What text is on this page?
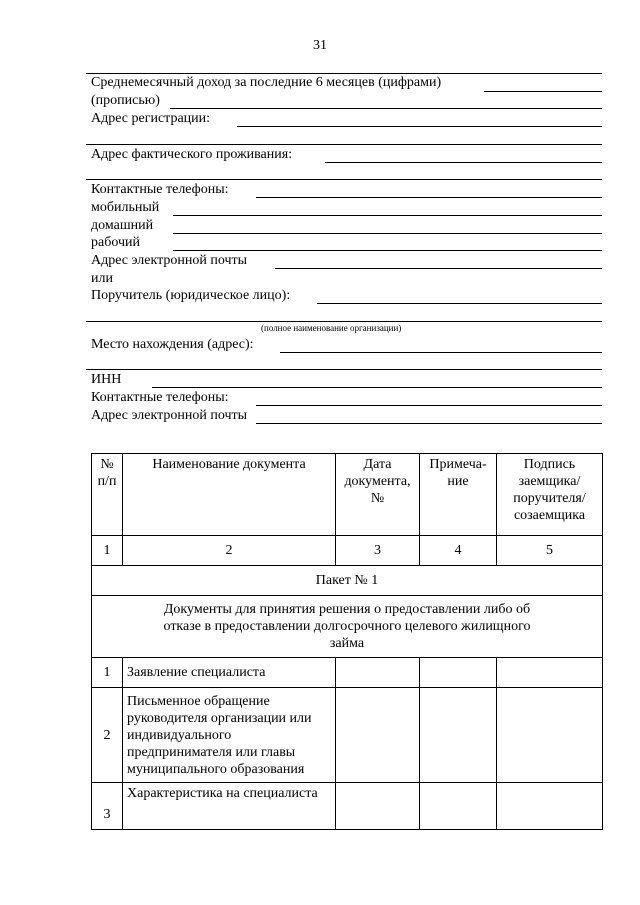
31
Среднемесячный доход за последние 6 месяцев (цифрами)
(прописью)
Адрес регистрации:
Адрес фактического проживания:
Контактные телефоны:
мобильный
домашний
рабочий
Адрес электронной почты
или
Поручитель (юридическое лицо):
(полное наименование организации)
Место нахождения (адрес):
ИНН
Контактные телефоны:
Адрес электронной почты
№ п/п	Наименование документа	Дата документа, №	Примеча-ние	Подпись заемщика/ поручителя/ созаемщика
1	2	3	4	5
Пакет № 1				
Документы для принятия решения о предоставлении либо об отказе в предоставлении долгосрочного целевого жилищного займа				
1	Заявление специалиста			
2	Письменное обращение руководителя организации или индивидуального предпринимателя или главы муниципального образования			
3	Характеристика на специалиста			
